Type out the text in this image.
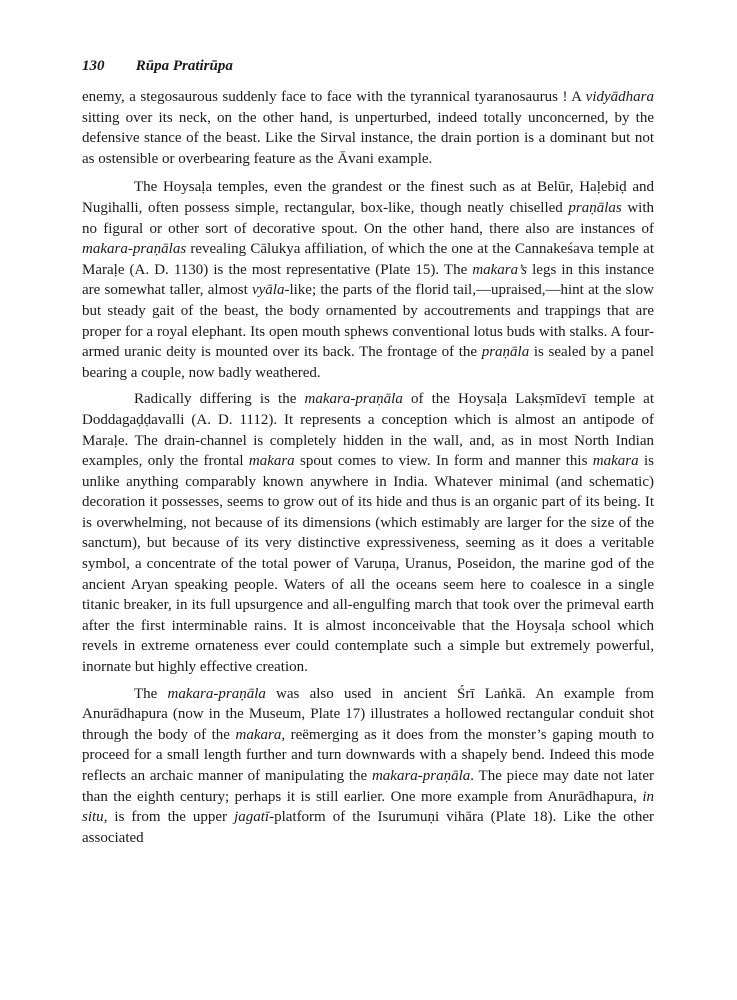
130 Rūpa Pratirūpa

enemy, a stegosaurous suddenly face to face with the tyrannical tyaranosaurus ! A vidyādhara sitting over its neck, on the other hand, is unperturbed, indeed totally unconcerned, by the defensive stance of the beast. Like the Sirval instance, the drain portion is a dominant but not as ostensible or overbearing feature as the Āvani example.

The Hoysaḷa temples, even the grandest or the finest such as at Belūr, Haḷebiḍ and Nugihalli, often possess simple, rectangular, box-like, though neatly chiselled praṇālas with no figural or other sort of decorative spout. On the other hand, there also are instances of makara-praṇālas revealing Cālukya affiliation, of which the one at the Cannakeśava temple at Maraḷe (A. D. 1130) is the most representative (Plate 15). The makara’s legs in this instance are somewhat taller, almost vyāla-like; the parts of the florid tail,—upraised,—hint at the slow but steady gait of the beast, the body ornamented by accoutrements and trappings that are proper for a royal elephant. Its open mouth sphews conventional lotus buds with stalks. A four-armed uranic deity is mounted over its back. The frontage of the praṇāla is sealed by a panel bearing a couple, now badly weathered.

Radically differing is the makara-praṇāla of the Hoysaḷa Lakṣmīdevī temple at Doddagaḍḍavalli (A. D. 1112). It represents a conception which is almost an antipode of Maraḷe. The drain-channel is completely hidden in the wall, and, as in most North Indian examples, only the frontal makara spout comes to view. In form and manner this makara is unlike anything comparably known anywhere in India. Whatever minimal (and schematic) decoration it possesses, seems to grow out of its hide and thus is an organic part of its being. It is overwhelming, not because of its dimensions (which estimably are larger for the size of the sanctum), but because of its very distinctive expressiveness, seeming as it does a veritable symbol, a concentrate of the total power of Varuṇa, Uranus, Poseidon, the marine god of the ancient Aryan speaking people. Waters of all the oceans seem here to coalesce in a single titanic breaker, in its full upsurgence and all-engulfing march that took over the primeval earth after the first interminable rains. It is almost inconceivable that the Hoysaḷa school which revels in extreme ornateness ever could contemplate such a simple but extremely powerful, inornate but highly effective creation.

The makara-praṇāla was also used in ancient Śrī Laṅkā. An example from Anurādhapura (now in the Museum, Plate 17) illustrates a hollowed rectangular conduit shot through the body of the makara, reëmerging as it does from the monster’s gaping mouth to proceed for a small length further and turn downwards with a shapely bend. Indeed this mode reflects an archaic manner of manipulating the makara-praṇāla. The piece may date not later than the eighth century; perhaps it is still earlier. One more example from Anurādhapura, in situ, is from the upper jagatī-platform of the Isurumuṇi vihāra (Plate 18). Like the other associated
